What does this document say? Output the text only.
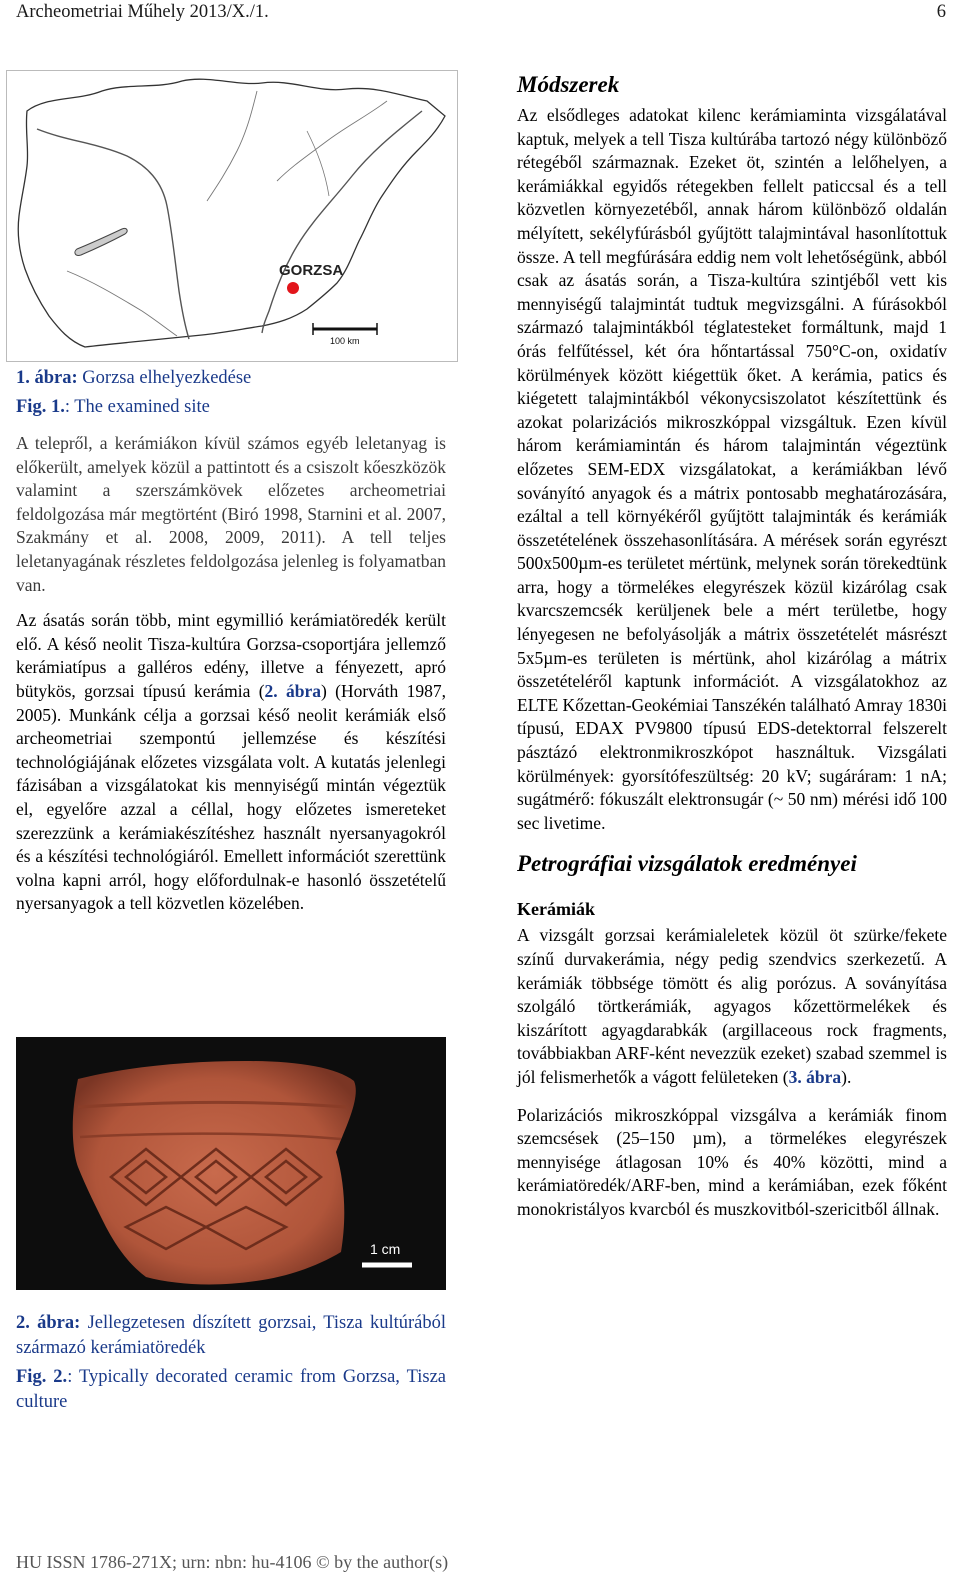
Archeometriai Műhely 2013/X./1.	6
GORZSA
100 km

1. ábra: Gorzsa elhelyezkedése

Fig. 1.: The examined site

A telepről, a kerámiákon kívül számos egyéb leletanyag is előkerült, amelyek közül a pattintott és a csiszolt kőeszközök valamint a szerszámkövek előzetes archeometriai feldolgozása már megtörtént (Biró 1998, Starnini et al. 2007, Szakmány et al. 2008, 2009, 2011). A tell teljes leletanyagának részletes feldolgozása jelenleg is folyamatban van.

Az ásatás során több, mint egymillió kerámiatöredék került elő. A késő neolit Tisza-kultúra Gorzsa-csoportjára jellemző kerámiatípus a galléros edény, illetve a fényezett, apró bütykös, gorzsai típusú kerámia (2. ábra) (Horváth 1987, 2005). Munkánk célja a gorzsai késő neolit kerámiák első archeometriai szempontú jellemzése és készítési technológiájának előzetes vizsgálata volt. A kutatás jelenlegi fázisában a vizsgálatokat kis mennyiségű mintán végeztük el, egyelőre azzal a céllal, hogy előzetes ismereteket szerezzünk a kerámiakészítéshez használt nyersanyagokról és a készítési technológiáról. Emellett információt szerettünk volna kapni arról, hogy előfordulnak-e hasonló összetételű nyersanyagok a tell közvetlen közelében.

1 cm

2. ábra: Jellegzetesen díszített gorzsai, Tisza kultúrából származó kerámiatöredék

Fig. 2.: Typically decorated ceramic from Gorzsa, Tisza culture

Módszerek

Az elsődleges adatokat kilenc kerámiaminta vizsgálatával kaptuk, melyek a tell Tisza kultúrába tartozó négy különböző rétegéből származnak. Ezeket öt, szintén a lelőhelyen, a kerámiákkal egyidős rétegekben fellelt paticcsal és a tell közvetlen környezetéből, annak három különböző oldalán mélyített, sekélyfúrásból gyűjtött talajmintával hasonlítottuk össze. A tell megfúrására eddig nem volt lehetőségünk, abból csak az ásatás során, a Tisza-kultúra szintjéből vett kis mennyiségű talajmintát tudtuk megvizsgálni. A fúrásokból származó talajmintákból téglatesteket formáltunk, majd 1 órás felfűtéssel, két óra hőntartással 750°C-on, oxidatív körülmények között kiégettük őket. A kerámia, patics és kiégetett talajmintákból vékonycsiszolatot készítettünk és azokat polarizációs mikroszkóppal vizsgáltuk. Ezen kívül három kerámiamintán és három talajmintán végeztünk előzetes SEM-EDX vizsgálatokat, a kerámiákban lévő soványító anyagok és a mátrix pontosabb meghatározására, ezáltal a tell környékéről gyűjtött talajminták és kerámiák összetételének összehasonlítására. A mérések során egyrészt 500x500µm-es területet mértünk, melynek során törekedtünk arra, hogy a törmelékes elegyrészek közül kizárólag csak kvarcszemcsék kerüljenek bele a mért területbe, hogy lényegesen ne befolyásolják a mátrix összetételét másrészt 5x5µm-es területen is mértünk, ahol kizárólag a mátrix összetételéről kaptunk információt. A vizsgálatokhoz az ELTE Kőzettan-Geokémiai Tanszékén található Amray 1830i típusú, EDAX PV9800 típusú EDS-detektorral felszerelt pásztázó elektronmikroszkópot használtuk. Vizsgálati körülmények: gyorsítófeszültség: 20 kV; sugáráram: 1 nA; sugátmérő: fókuszált elektronsugár (~ 50 nm) mérési idő 100 sec livetime.

Petrográfiai vizsgálatok eredményei
Kerámiák

A vizsgált gorzsai kerámialeletek közül öt szürke/fekete színű durvakerámia, négy pedig szendvics szerkezetű. A kerámiák többsége tömött és alig porózus. A soványítása szolgáló törtkerámiák, agyagos kőzettörmelékek és kiszárított agyagdarabkák (argillaceous rock fragments, továbbiakban ARF-ként nevezzük ezeket) szabad szemmel is jól felismerhetők a vágott felületeken (3. ábra).

Polarizációs mikroszkóppal vizsgálva a kerámiák finom szemcsések (25–150 µm), a törmelékes elegyrészek mennyisége átlagosan 10% és 40% közötti, mind a kerámiatöredék/ARF-ben, mind a kerámiában, ezek főként monokristályos kvarcból és muszkovitból-szericitből állnak.

HU ISSN 1786-271X; urn: nbn: hu-4106 © by the author(s)
